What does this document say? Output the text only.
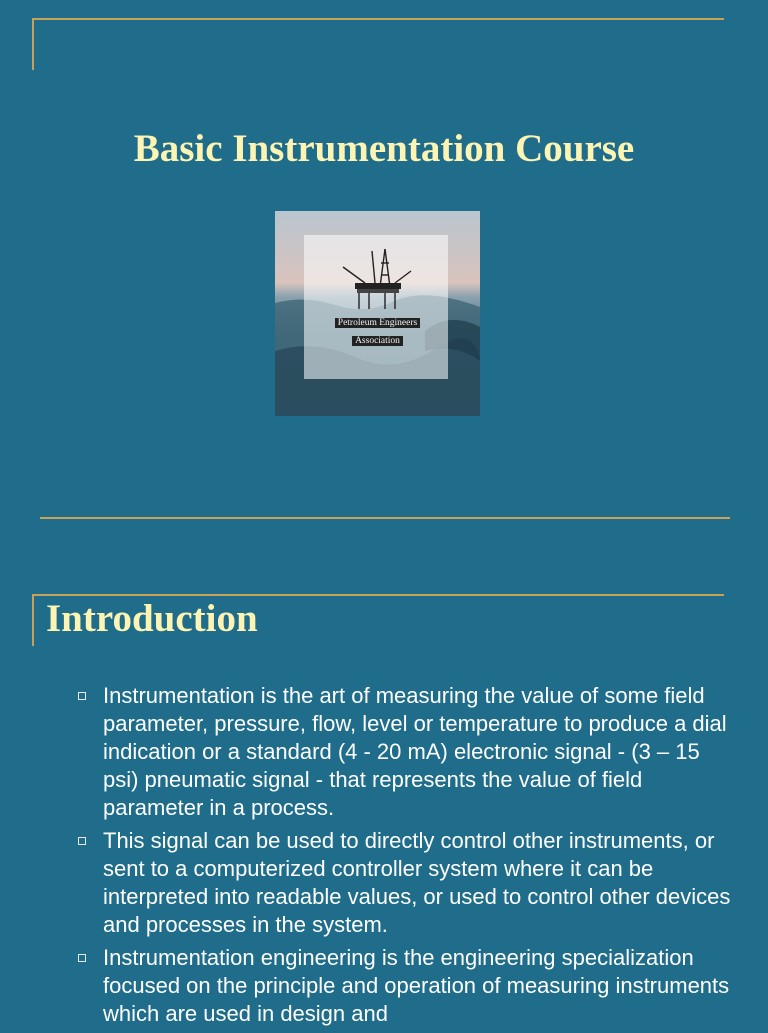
Basic Instrumentation Course
Petroleum Engineers
Association
Introduction
Instrumentation is the art of measuring the value of some field parameter, pressure, flow, level or temperature to produce a dial indication or a standard (4 - 20 mA) electronic signal - (3 – 15 psi) pneumatic signal - that represents the value of field parameter in a process.
This signal can be used to directly control other instruments, or sent to a computerized controller system where it can be interpreted into readable values, or used to control other devices and processes in the system.
Instrumentation engineering is the engineering specialization focused on the principle and operation of measuring instruments which are used in design and
